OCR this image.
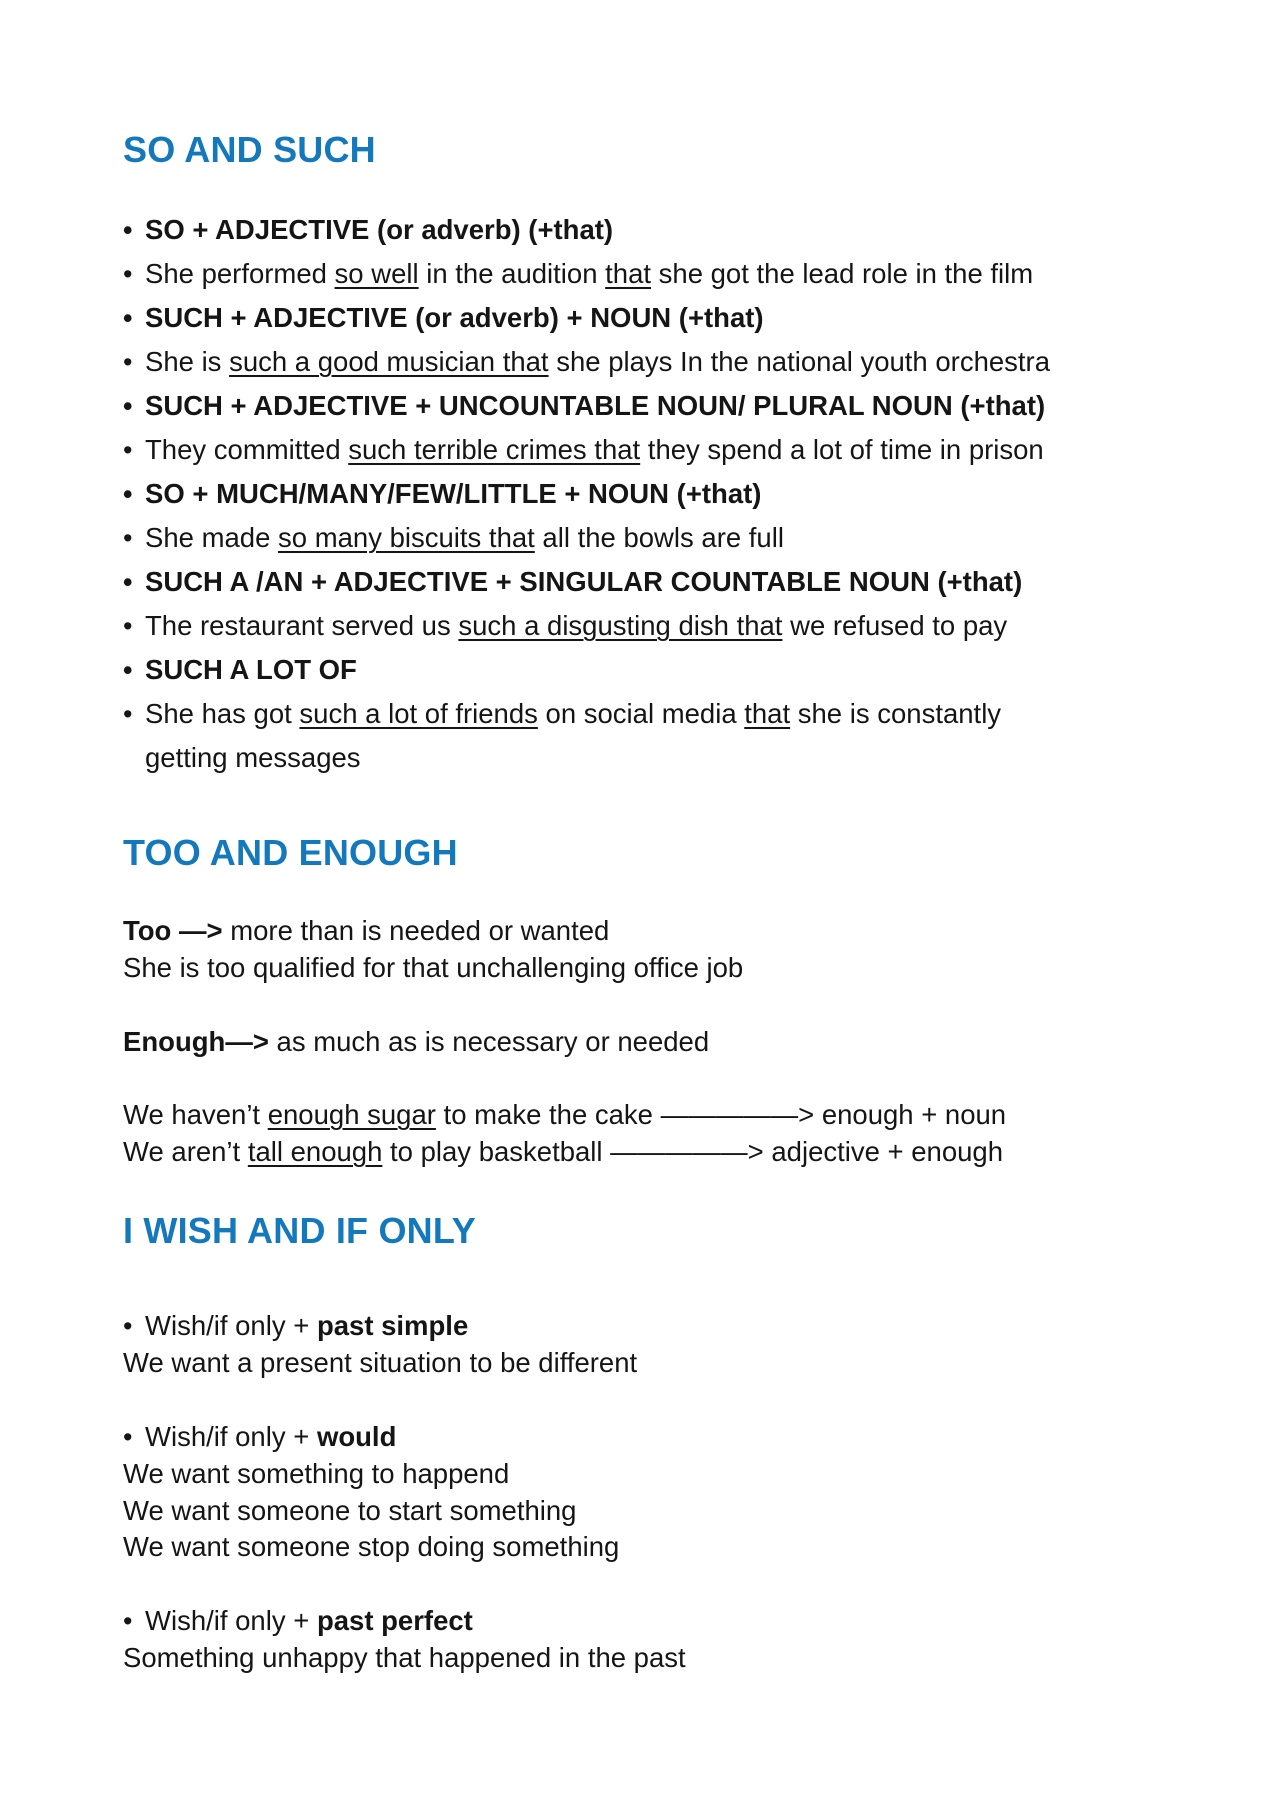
SO AND SUCH
• SO + ADJECTIVE (or adverb) (+that)

• She performed so well in the audition that she got the lead role in the film

• SUCH + ADJECTIVE (or adverb) + NOUN (+that)

• She is such a good musician that she plays In the national youth orchestra

• SUCH + ADJECTIVE + UNCOUNTABLE NOUN/ PLURAL NOUN (+that)

• They committed such terrible crimes that they spend a lot of time in prison

• SO + MUCH/MANY/FEW/LITTLE + NOUN (+that)

• She made so many biscuits that all the bowls are full

• SUCH A /AN + ADJECTIVE + SINGULAR COUNTABLE NOUN (+that)

• The restaurant served us such a disgusting dish that we refused to pay

• SUCH A LOT OF

• She has got such a lot of friends on social media that she is constantly

getting messages

TOO AND ENOUGH

Too —> more than is needed or wanted

She is too qualified for that unchallenging office job

Enough—> as much as is necessary or needed

We haven’t enough sugar to make the cake —————> enough + noun

We aren’t tall enough to play basketball —————> adjective + enough

I WISH AND IF ONLY
• Wish/if only + past simple

We want a present situation to be different

• Wish/if only + would

We want something to happend

We want someone to start something

We want someone stop doing something

• Wish/if only + past perfect

Something unhappy that happened in the past
